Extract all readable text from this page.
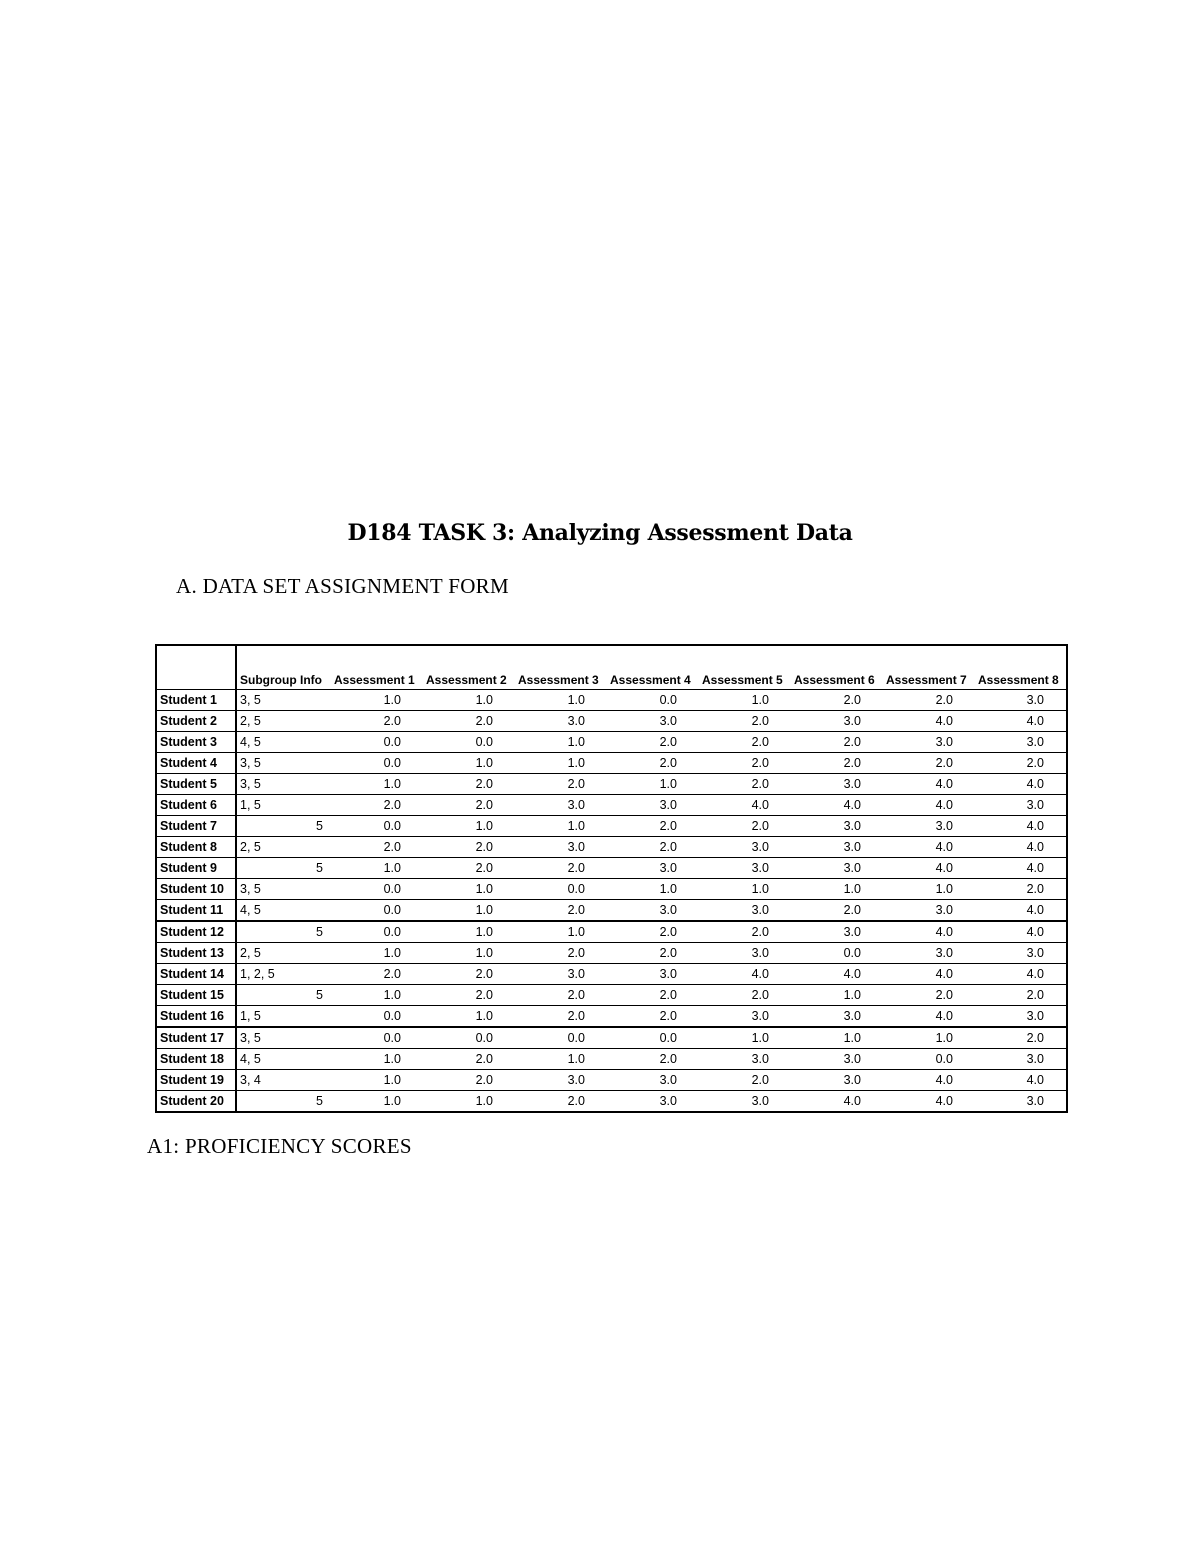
D184 TASK 3: Analyzing Assessment Data
A. DATA SET ASSIGNMENT FORM
	Subgroup Info	Assessment 1	Assessment 2	Assessment 3	Assessment 4	Assessment 5	Assessment 6	Assessment 7	Assessment 8
Student 1	3, 5	1.0	1.0	1.0	0.0	1.0	2.0	2.0	3.0
Student 2	2, 5	2.0	2.0	3.0	3.0	2.0	3.0	4.0	4.0
Student 3	4, 5	0.0	0.0	1.0	2.0	2.0	2.0	3.0	3.0
Student 4	3, 5	0.0	1.0	1.0	2.0	2.0	2.0	2.0	2.0
Student 5	3, 5	1.0	2.0	2.0	1.0	2.0	3.0	4.0	4.0
Student 6	1, 5	2.0	2.0	3.0	3.0	4.0	4.0	4.0	3.0
Student 7	5	0.0	1.0	1.0	2.0	2.0	3.0	3.0	4.0
Student 8	2, 5	2.0	2.0	3.0	2.0	3.0	3.0	4.0	4.0
Student 9	5	1.0	2.0	2.0	3.0	3.0	3.0	4.0	4.0
Student 10	3, 5	0.0	1.0	0.0	1.0	1.0	1.0	1.0	2.0
Student 11	4, 5	0.0	1.0	2.0	3.0	3.0	2.0	3.0	4.0
Student 12	5	0.0	1.0	1.0	2.0	2.0	3.0	4.0	4.0
Student 13	2, 5	1.0	1.0	2.0	2.0	3.0	0.0	3.0	3.0
Student 14	1, 2, 5	2.0	2.0	3.0	3.0	4.0	4.0	4.0	4.0
Student 15	5	1.0	2.0	2.0	2.0	2.0	1.0	2.0	2.0
Student 16	1, 5	0.0	1.0	2.0	2.0	3.0	3.0	4.0	3.0
Student 17	3, 5	0.0	0.0	0.0	0.0	1.0	1.0	1.0	2.0
Student 18	4, 5	1.0	2.0	1.0	2.0	3.0	3.0	0.0	3.0
Student 19	3, 4	1.0	2.0	3.0	3.0	2.0	3.0	4.0	4.0
Student 20	5	1.0	1.0	2.0	3.0	3.0	4.0	4.0	3.0
A1: PROFICIENCY SCORES
